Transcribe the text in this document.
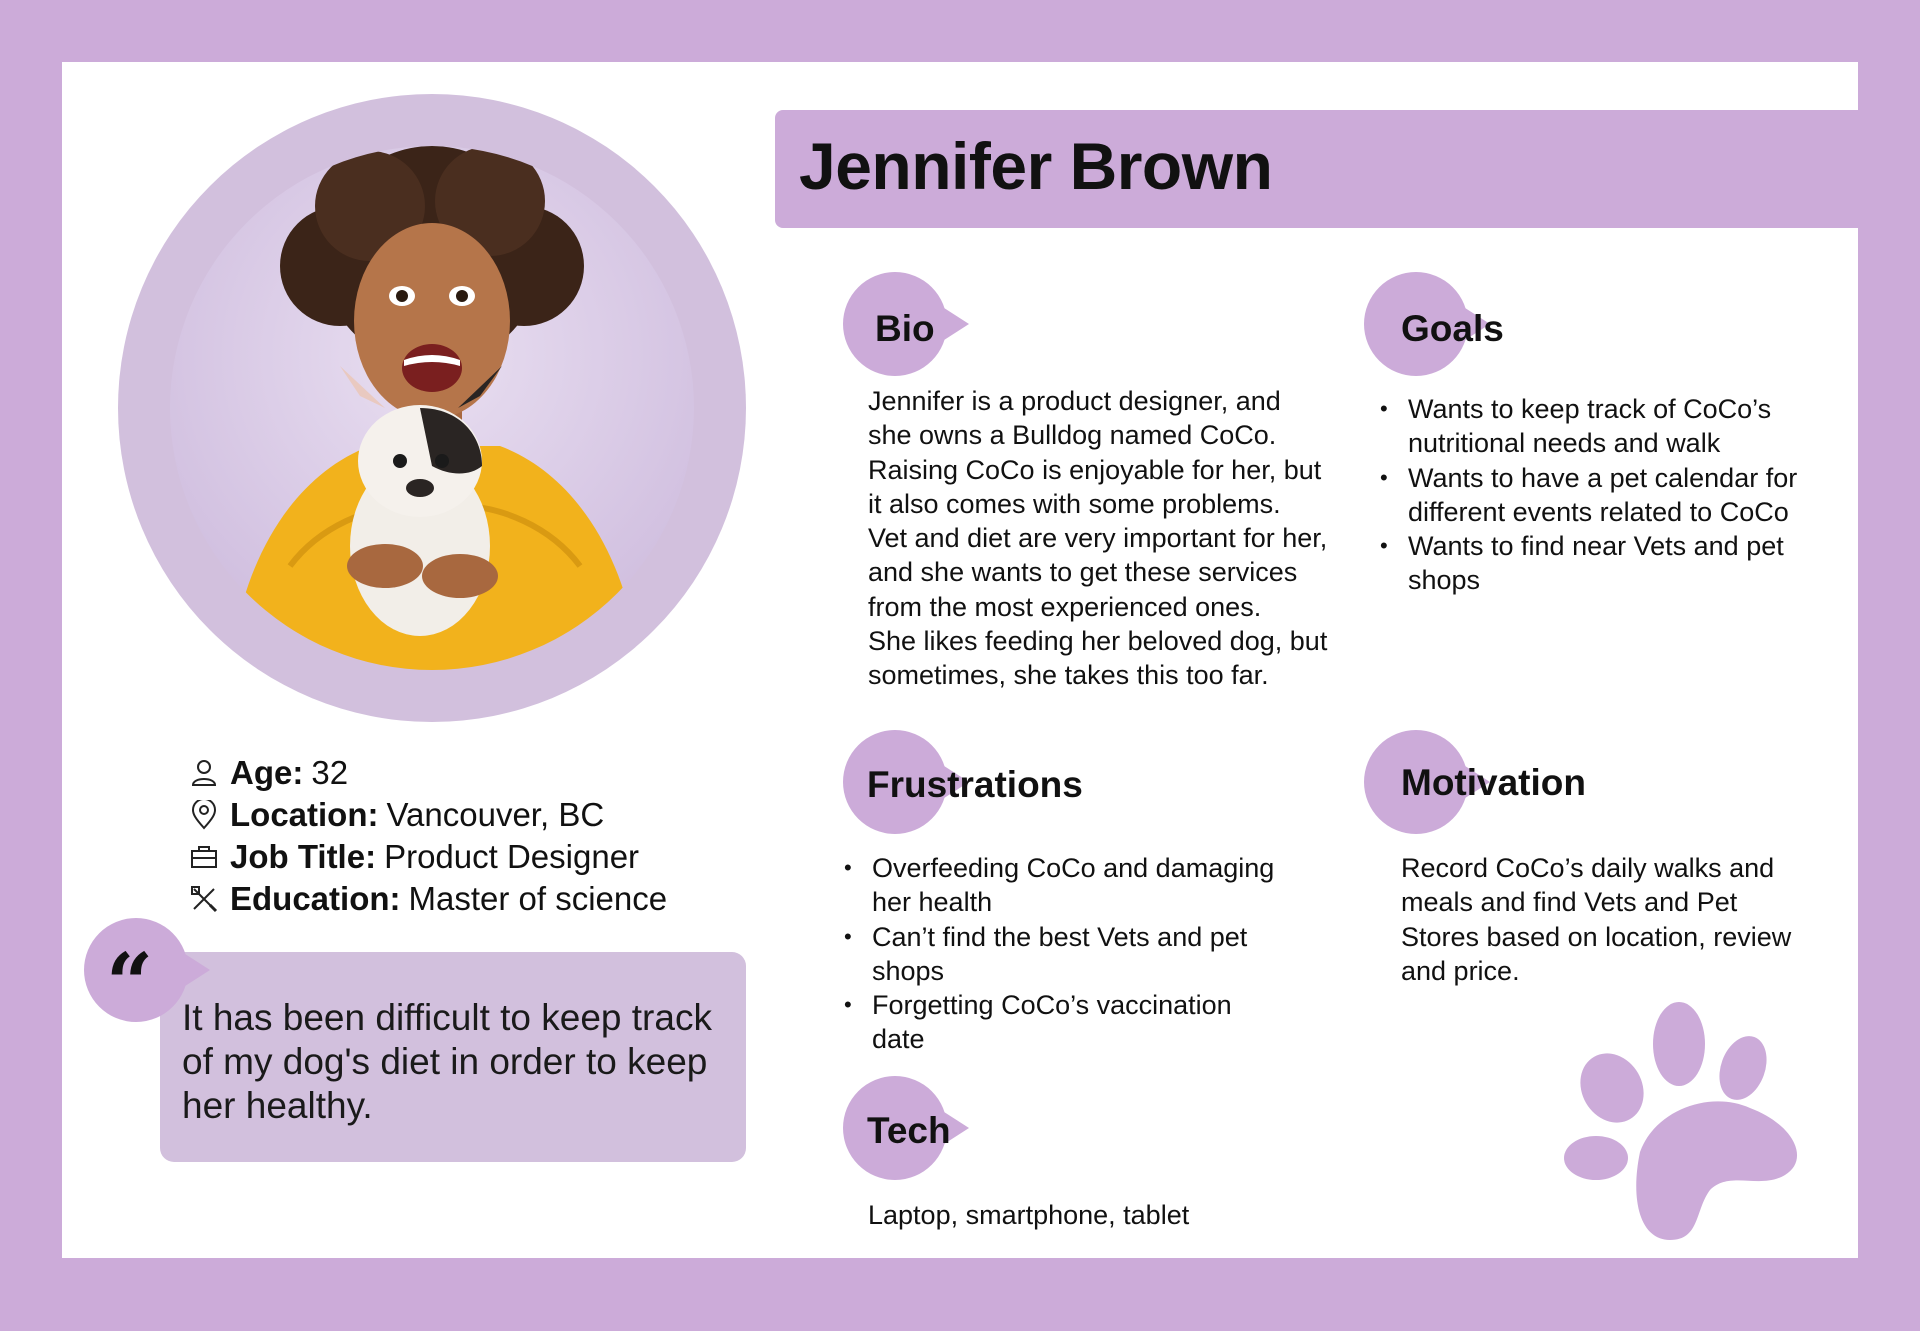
Jennifer Brown
Age: 32
Location: Vancouver, BC
Job Title: Product Designer
Education: Master of science
“ It has been difficult to keep track of my dog's diet in order to keep her healthy.
Bio

Jennifer is a product designer, and

she owns a Bulldog named CoCo.

Raising CoCo is enjoyable for her, but

it also comes with some problems.

Vet and diet are very important for her,

and she wants to get these services

from the most experienced ones.

She likes feeding her beloved dog, but

sometimes, she takes this too far.

Goals
• Wants to keep track of CoCo’s nutritional needs and walk
• Wants to have a pet calendar for different events related to CoCo
• Wants to find near Vets and pet shops
Frustrations
• Overfeeding CoCo and damaging her health
• Can’t find the best Vets and pet shops
• Forgetting CoCo’s vaccination date
Motivation
Record CoCo’s daily walks and meals and find Vets and Pet Stores based on location, review and price.
Tech
Laptop, smartphone, tablet
